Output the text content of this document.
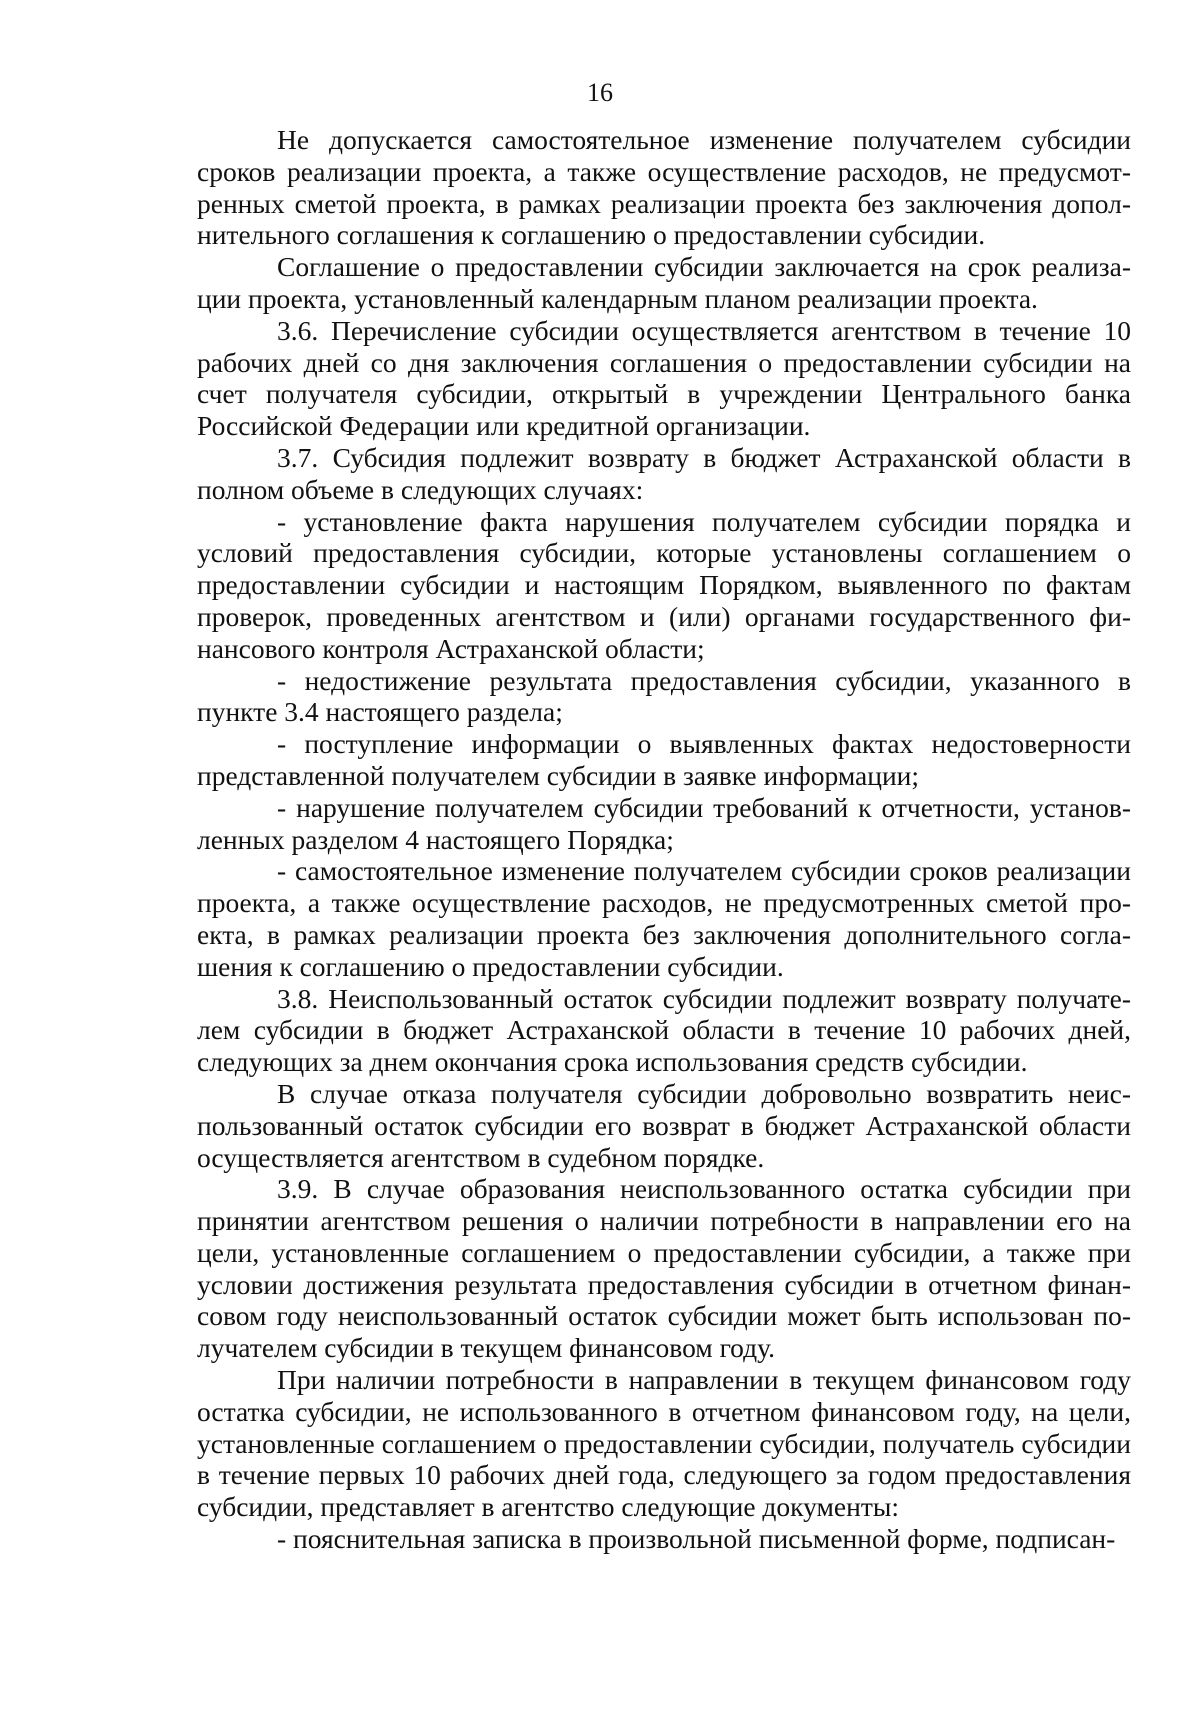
16

Не допускается самостоятельное изменение получателем субсидии сроков реализации проекта, а также осуществление расходов, не предусмотренных сметой проекта, в рамках реализации проекта без заключения дополнительного соглашения к соглашению о предоставлении субсидии.

Соглашение о предоставлении субсидии заключается на срок реализации проекта, установленный календарным планом реализации проекта.

3.6. Перечисление субсидии осуществляется агентством в течение 10 рабочих дней со дня заключения соглашения о предоставлении субсидии на счет получателя субсидии, открытый в учреждении Центрального банка Российской Федерации или кредитной организации.

3.7. Субсидия подлежит возврату в бюджет Астраханской области в полном объеме в следующих случаях:

- установление факта нарушения получателем субсидии порядка и условий предоставления субсидии, которые установлены соглашением о предоставлении субсидии и настоящим Порядком, выявленного по фактам проверок, проведенных агентством и (или) органами государственного финансового контроля Астраханской области;

- недостижение результата предоставления субсидии, указанного в пункте 3.4 настоящего раздела;

- поступление информации о выявленных фактах недостоверности представленной получателем субсидии в заявке информации;

- нарушение получателем субсидии требований к отчетности, установленных разделом 4 настоящего Порядка;

- самостоятельное изменение получателем субсидии сроков реализации проекта, а также осуществление расходов, не предусмотренных сметой проекта, в рамках реализации проекта без заключения дополнительного соглашения к соглашению о предоставлении субсидии.

3.8. Неиспользованный остаток субсидии подлежит возврату получателем субсидии в бюджет Астраханской области в течение 10 рабочих дней, следующих за днем окончания срока использования средств субсидии.

В случае отказа получателя субсидии добровольно возвратить неиспользованный остаток субсидии его возврат в бюджет Астраханской области осуществляется агентством в судебном порядке.

3.9. В случае образования неиспользованного остатка субсидии при принятии агентством решения о наличии потребности в направлении его на цели, установленные соглашением о предоставлении субсидии, а также при условии достижения результата предоставления субсидии в отчетном финансовом году неиспользованный остаток субсидии может быть использован получателем субсидии в текущем финансовом году.

При наличии потребности в направлении в текущем финансовом году остатка субсидии, не использованного в отчетном финансовом году, на цели, установленные соглашением о предоставлении субсидии, получатель субсидии в течение первых 10 рабочих дней года, следующего за годом предоставления субсидии, представляет в агентство следующие документы:

- пояснительная записка в произвольной письменной форме, подписан-
